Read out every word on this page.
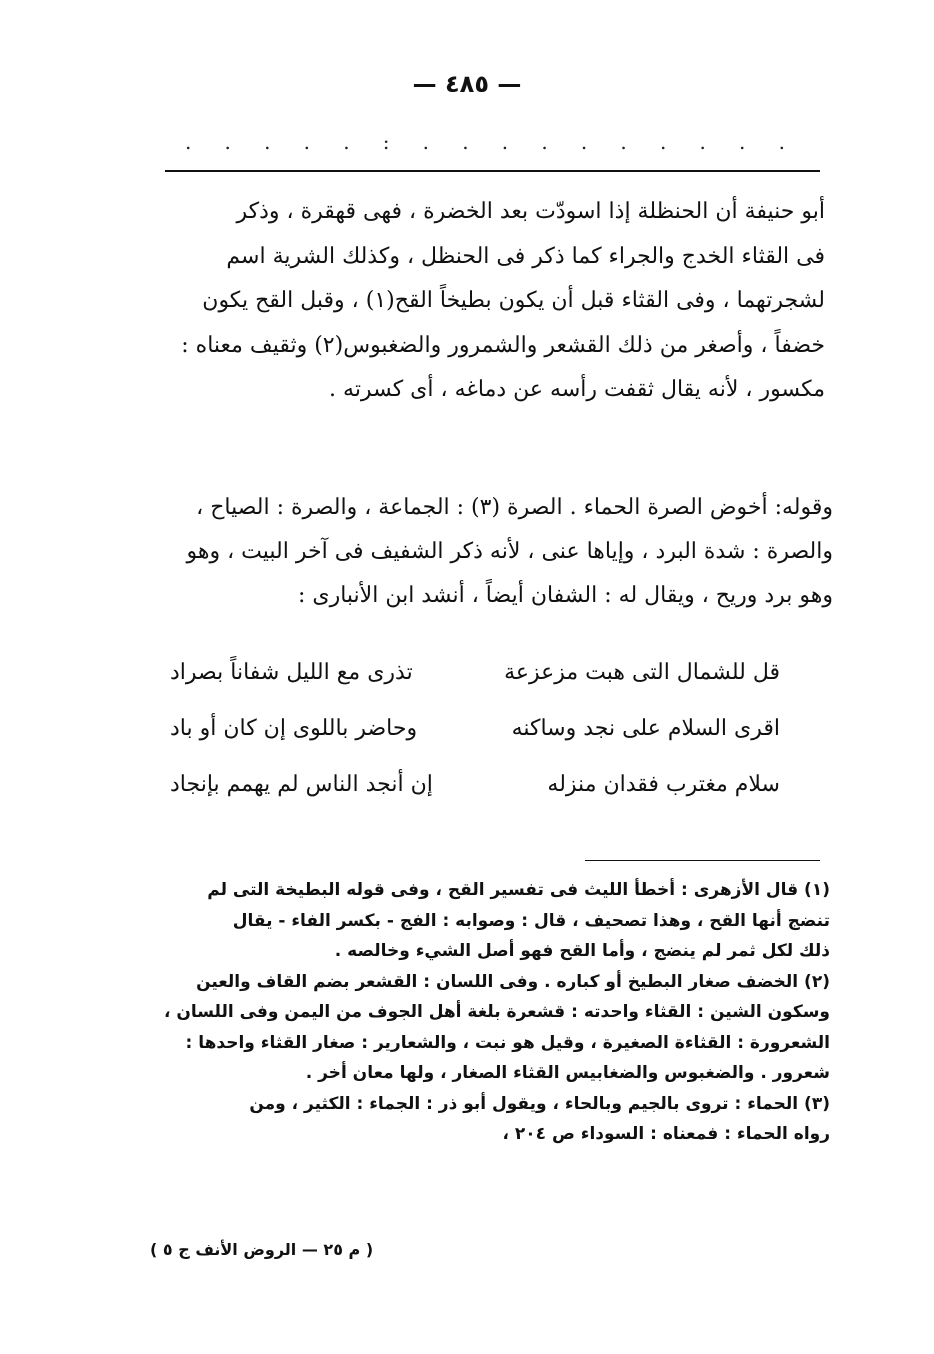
— ٤٨٥ —
. . . . . : . . . . . . . . . .
أبو حنيفة أن الحنظلة إذا اسودّت بعد الخضرة ، فهى قهقرة ، وذكر
فى القثاء الخدج والجراء كما ذكر فى الحنظل ، وكذلك الشرية اسم
لشجرتهما ، وفى القثاء قبل أن يكون بطيخاً القح(١) ، وقبل القح يكون
خضفاً ، وأصغر من ذلك القشعر والشمرور والضغبوس(٢) وثقيف معناه :
مكسور ، لأنه يقال ثقفت رأسه عن دماغه ، أى كسرته .
وقوله: أخوض الصرة الحماء . الصرة (٣) : الجماعة ، والصرة : الصياح ،
والصرة : شدة البرد ، وإياها عنى ، لأنه ذكر الشفيف فى آخر البيت ، وهو
وهو برد وريح ، ويقال له : الشفان أيضاً ، أنشد ابن الأنبارى :
قل للشمال التى هبت مزعزعة
تذرى مع الليل شفاناً بصراد
اقرى السلام على نجد وساكنه
وحاضر باللوى إن كان أو باد
سلام مغترب فقدان منزله
إن أنجد الناس لم يهمم بإنجاد
(١) قال الأزهرى : أخطأ الليث فى تفسير القح ، وفى قوله البطيخة التى لم
تنضج أنها القح ، وهذا تصحيف ، قال : وصوابه : الفج - بكسر الفاء - يقال
ذلك لكل ثمر لم ينضج ، وأما القح فهو أصل الشيء وخالصه .
(٢) الخضف صغار البطيخ أو كباره . وفى اللسان : القشعر بضم القاف والعين
وسكون الشين : القثاء واحدته : قشعرة بلغة أهل الجوف من اليمن وفى اللسان ،
الشعرورة : القثاءة الصغيرة ، وقيل هو نبت ، والشعارير : صغار القثاء واحدها :
شعرور . والضغبوس والضغابيس القثاء الصغار ، ولها معان أخر .
(٣) الحماء : تروى بالجيم وبالحاء ، ويقول أبو ذر : الجماء : الكثير ، ومن
رواه الحماء : فمعناه : السوداء ص ٢٠٤ ،
( م ٢٥ — الروض الأنف ج ٥ )
